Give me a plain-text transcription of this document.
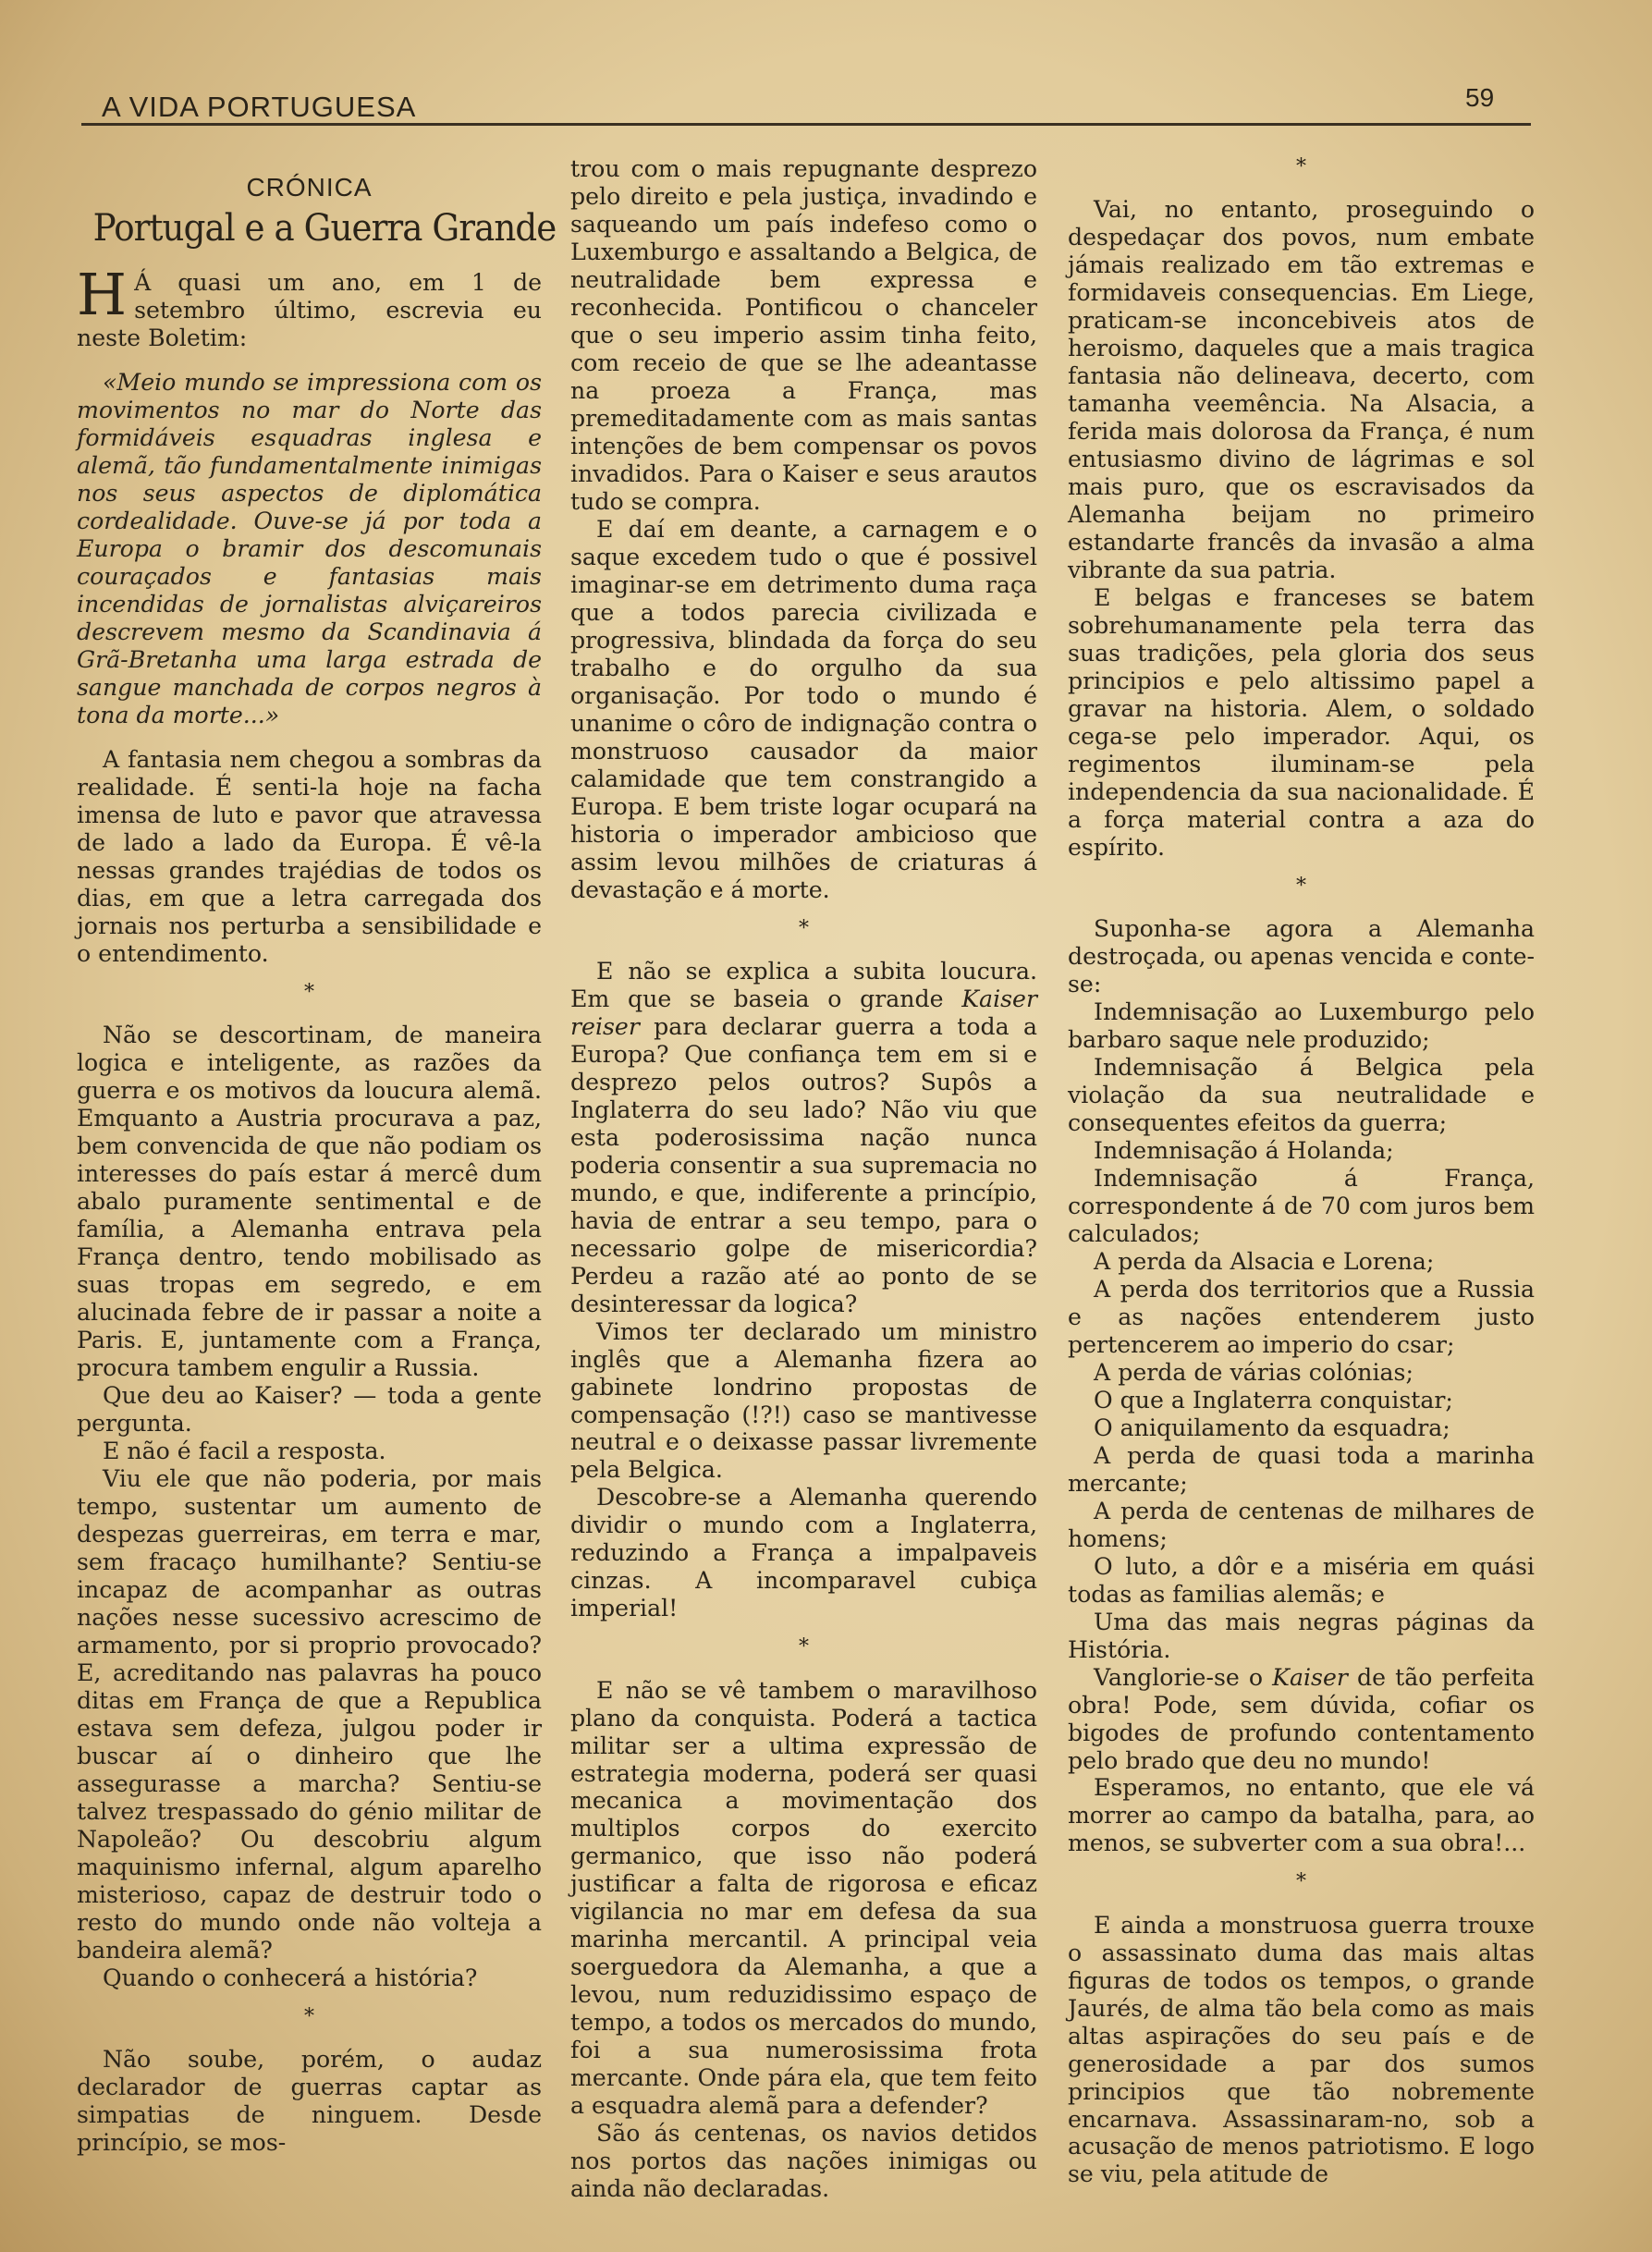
A VIDA PORTUGUESA	59
CRÓNICA
Portugal e a Guerra Grande

H Á quasi um ano, em 1 de setembro último, escrevia eu neste Boletim:

«Meio mundo se impressiona com os movimentos no mar do Norte das formidáveis esquadras inglesa e alemã, tão fundamentalmente inimigas nos seus aspectos de diplomática cordealidade. Ouve-se já por toda a Europa o bramir dos descomunais couraçados e fantasias mais incendidas de jornalistas alviçareiros descrevem mesmo da Scandinavia á Grã-Bretanha uma larga estrada de sangue manchada de corpos negros à tona da morte...»

A fantasia nem chegou a sombras da realidade. É senti-la hoje na facha imensa de luto e pavor que atravessa de lado a lado da Europa. É vê-la nessas grandes trajédias de todos os dias, em que a letra carregada dos jornais nos perturba a sensibilidade e o entendimento.

*

Não se descortinam, de maneira logica e inteligente, as razões da guerra e os motivos da loucura alemã. Emquanto a Austria procurava a paz, bem convencida de que não podiam os interesses do país estar á mercê dum abalo puramente sentimental e de família, a Alemanha entrava pela França dentro, tendo mobilisado as suas tropas em segredo, e em alucinada febre de ir passar a noite a Paris. E, juntamente com a França, procura tambem engulir a Russia.

Que deu ao Kaiser? — toda a gente pergunta.

E não é facil a resposta.

Viu ele que não poderia, por mais tempo, sustentar um aumento de despezas guerreiras, em terra e mar, sem fracaço humilhante? Sentiu-se incapaz de acompanhar as outras nações nesse sucessivo acrescimo de armamento, por si proprio provocado? E, acreditando nas palavras ha pouco ditas em França de que a Republica estava sem defeza, julgou poder ir buscar aí o dinheiro que lhe assegurasse a marcha? Sentiu-se talvez trespassado do génio militar de Napoleão? Ou descobriu algum maquinismo infernal, algum aparelho misterioso, capaz de destruir todo o resto do mundo onde não volteja a bandeira alemã?

Quando o conhecerá a história?

*

Não soube, porém, o audaz declarador de guerras captar as simpatias de ninguem. Desde princípio, se mos-

trou com o mais repugnante desprezo pelo direito e pela justiça, invadindo e saqueando um país indefeso como o Luxemburgo e assaltando a Belgica, de neutralidade bem expressa e reconhecida. Pontificou o chanceler que o seu imperio assim tinha feito, com receio de que se lhe adeantasse na proeza a França, mas premeditadamente com as mais santas intenções de bem compensar os povos invadidos. Para o Kaiser e seus arautos tudo se compra.

E daí em deante, a carnagem e o saque excedem tudo o que é possivel imaginar-se em detrimento duma raça que a todos parecia civilizada e progressiva, blindada da força do seu trabalho e do orgulho da sua organisação. Por todo o mundo é unanime o côro de indignação contra o monstruoso causador da maior calamidade que tem constrangido a Europa. E bem triste logar ocupará na historia o imperador ambicioso que assim levou milhões de criaturas á devastação e á morte.

*

E não se explica a subita loucura. Em que se baseia o grande Kaiser reiser para declarar guerra a toda a Europa? Que confiança tem em si e desprezo pelos outros? Supôs a Inglaterra do seu lado? Não viu que esta poderosissima nação nunca poderia consentir a sua supremacia no mundo, e que, indiferente a princípio, havia de entrar a seu tempo, para o necessario golpe de misericordia? Perdeu a razão até ao ponto de se desinteressar da logica?

Vimos ter declarado um ministro inglês que a Alemanha fizera ao gabinete londrino propostas de compensação (!?!) caso se mantivesse neutral e o deixasse passar livremente pela Belgica.

Descobre-se a Alemanha querendo dividir o mundo com a Inglaterra, reduzindo a França a impalpaveis cinzas. A incomparavel cubiça imperial!

*

E não se vê tambem o maravilhoso plano da conquista. Poderá a tactica militar ser a ultima expressão de estrategia moderna, poderá ser quasi mecanica a movimentação dos multiplos corpos do exercito germanico, que isso não poderá justificar a falta de rigorosa e eficaz vigilancia no mar em defesa da sua marinha mercantil. A principal veia soerguedora da Alemanha, a que a levou, num reduzidissimo espaço de tempo, a todos os mercados do mundo, foi a sua numerosissima frota mercante. Onde pára ela, que tem feito a esquadra alemã para a defender?

São ás centenas, os navios detidos nos portos das nações inimigas ou ainda não declaradas.

*

Vai, no entanto, proseguindo o despedaçar dos povos, num embate jámais realizado em tão extremas e formidaveis consequencias. Em Liege, praticam-se inconcebiveis atos de heroismo, daqueles que a mais tragica fantasia não delineava, decerto, com tamanha veemência. Na Alsacia, a ferida mais dolorosa da França, é num entusiasmo divino de lágrimas e sol mais puro, que os escravisados da Alemanha beijam no primeiro estandarte francês da invasão a alma vibrante da sua patria.

E belgas e franceses se batem sobrehumanamente pela terra das suas tradições, pela gloria dos seus principios e pelo altissimo papel a gravar na historia. Alem, o soldado cega-se pelo imperador. Aqui, os regimentos iluminam-se pela independencia da sua nacionalidade. É a força material contra a aza do espírito.

*

Suponha-se agora a Alemanha destroçada, ou apenas vencida e conte-se:

Indemnisação ao Luxemburgo pelo barbaro saque nele produzido;

Indemnisação á Belgica pela violação da sua neutralidade e consequentes efeitos da guerra;

Indemnisação á Holanda;

Indemnisação á França, correspondente á de 70 com juros bem calculados;

A perda da Alsacia e Lorena;

A perda dos territorios que a Russia e as nações entenderem justo pertencerem ao imperio do csar;

A perda de várias colónias;

O que a Inglaterra conquistar;

O aniquilamento da esquadra;

A perda de quasi toda a marinha mercante;

A perda de centenas de milhares de homens;

O luto, a dôr e a miséria em quási todas as familias alemãs; e

Uma das mais negras páginas da História.

Vanglorie-se o Kaiser de tão perfeita obra! Pode, sem dúvida, cofiar os bigodes de profundo contentamento pelo brado que deu no mundo!

Esperamos, no entanto, que ele vá morrer ao campo da batalha, para, ao menos, se subverter com a sua obra!...

*

E ainda a monstruosa guerra trouxe o assassinato duma das mais altas figuras de todos os tempos, o grande Jaurés, de alma tão bela como as mais altas aspirações do seu país e de generosidade a par dos sumos principios que tão nobremente encarnava. Assassinaram-no, sob a acusação de menos patriotismo. E logo se viu, pela atitude de
